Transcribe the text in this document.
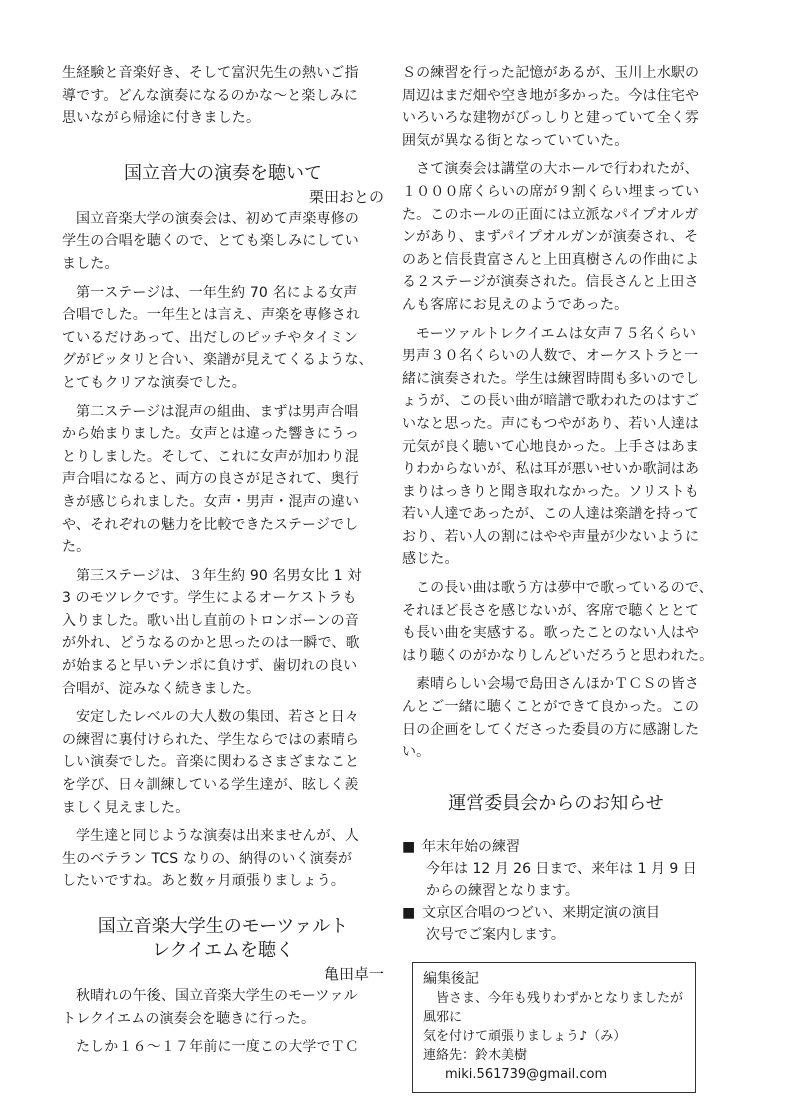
生経験と音楽好き、そして富沢先生の熱いご指
導です。どんな演奏になるのかな～と楽しみに
思いながら帰途に付きました。

国立音大の演奏を聴いて

栗田おとの

国立音楽大学の演奏会は、初めて声楽専修の
学生の合唱を聴くので、とても楽しみにしてい
ました。

第一ステージは、一年生約 70 名による女声
合唱でした。一年生とは言え、声楽を専修され
ているだけあって、出だしのピッチやタイミン
グがピッタリと合い、楽譜が見えてくるような、
とてもクリアな演奏でした。

第二ステージは混声の組曲、まずは男声合唱
から始まりました。女声とは違った響きにうっ
とりしました。そして、これに女声が加わり混
声合唱になると、両方の良さが足されて、奥行
きが感じられました。女声・男声・混声の違い
や、それぞれの魅力を比較できたステージでし
た。

第三ステージは、３年生約 90 名男女比 1 対
3 のモツレクです。学生によるオーケストラも
入りました。歌い出し直前のトロンボーンの音
が外れ、どうなるのかと思ったのは一瞬で、歌
が始まると早いテンポに負けず、歯切れの良い
合唱が、淀みなく続きました。

安定したレベルの大人数の集団、若さと日々
の練習に裏付けられた、学生ならではの素晴ら
しい演奏でした。音楽に関わるさまざまなこと
を学び、日々訓練している学生達が、眩しく羨
ましく見えました。

学生達と同じような演奏は出来ませんが、人
生のベテラン TCS なりの、納得のいく演奏が
したいですね。あと数ヶ月頑張りましょう。

国立音楽大学生のモーツァルト
レクイエムを聴く

亀田卓一

秋晴れの午後、国立音楽大学生のモーツァル
トレクイエムの演奏会を聴きに行った。

たしか１６～１７年前に一度この大学でＴＣ

Ｓの練習を行った記憶があるが、玉川上水駅の
周辺はまだ畑や空き地が多かった。今は住宅や
いろいろな建物がびっしりと建っていて全く雰
囲気が異なる街となっていていた。

さて演奏会は講堂の大ホールで行われたが、
１０００席くらいの席が９割くらい埋まってい
た。このホールの正面には立派なパイプオルガ
ンがあり、まずパイプオルガンが演奏され、そ
のあと信長貴富さんと上田真樹さんの作曲によ
る２ステージが演奏された。信長さんと上田さ
んも客席にお見えのようであった。

モーツァルトレクイエムは女声７５名くらい
男声３０名くらいの人数で、オーケストラと一
緒に演奏された。学生は練習時間も多いのでし
ょうが、この長い曲が暗譜で歌われたのはすご
いなと思った。声にもつやがあり、若い人達は
元気が良く聴いて心地良かった。上手さはあま
りわからないが、私は耳が悪いせいか歌詞はあ
まりはっきりと聞き取れなかった。ソリストも
若い人達であったが、この人達は楽譜を持って
おり、若い人の割にはやや声量が少ないように
感じた。

この長い曲は歌う方は夢中で歌っているので、
それほど長さを感じないが、客席で聴くととて
も長い曲を実感する。歌ったことのない人はや
はり聴くのがかなりしんどいだろうと思われた。

素晴らしい会場で島田さんほかＴＣＳの皆さ
んとご一緒に聴くことができて良かった。この
日の企画をしてくださった委員の方に感謝した
い。

運営委員会からのお知らせ

■ 年末年始の練習

今年は 12 月 26 日まで、来年は 1 月 9 日
からの練習となります。

■ 文京区合唱のつどい、来期定演の演目

次号でご案内します。

編集後記

皆さま、今年も残りわずかとなりましたが風邪に
気を付けて頑張りましょう♪（み）

連絡先：鈴木美樹miki.561739@gmail.com
